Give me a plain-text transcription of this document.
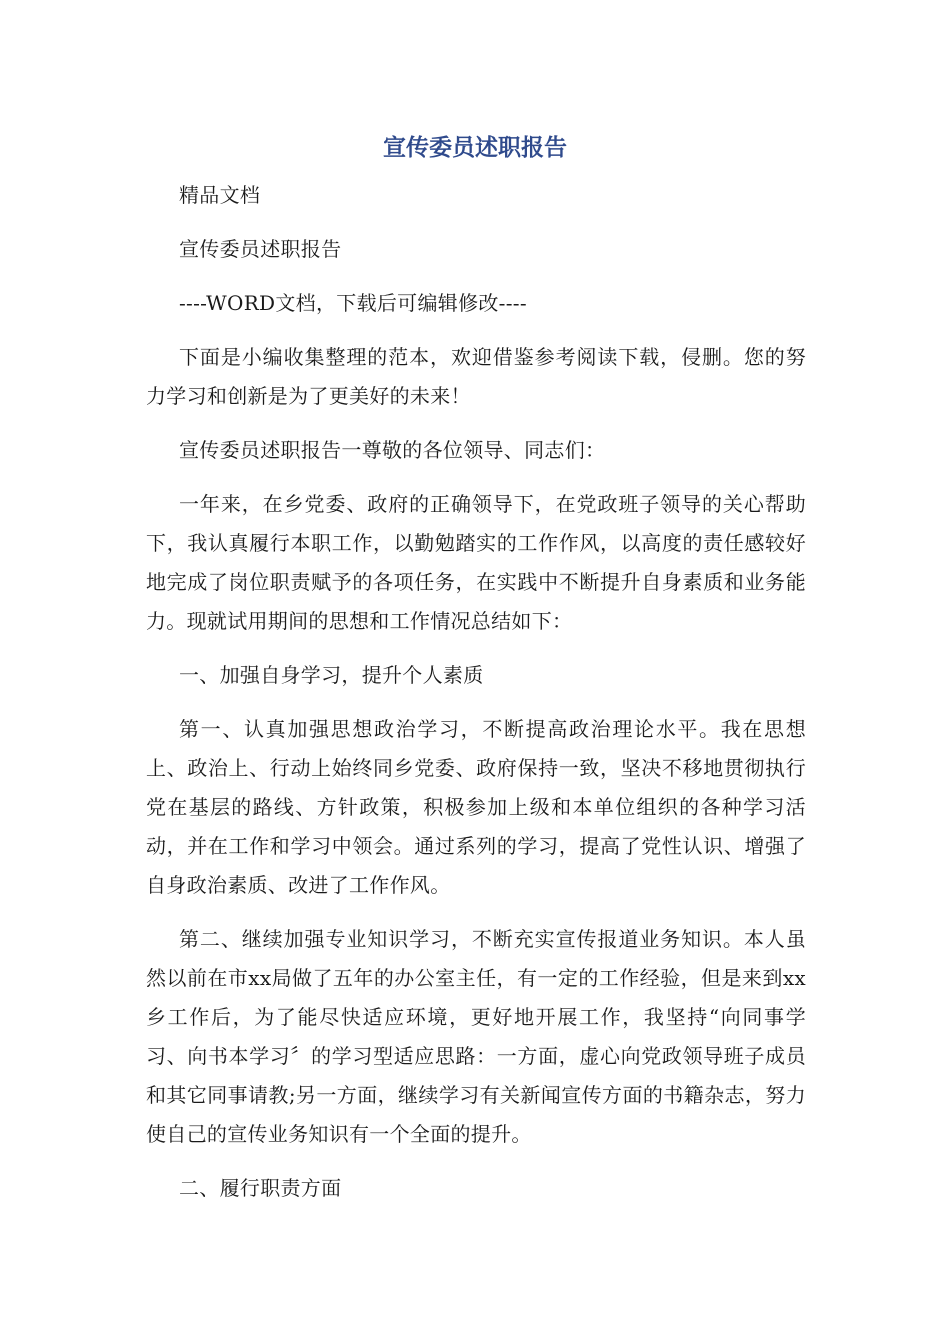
宣传委员述职报告

精品文档

宣传委员述职报告

----WORD文档，下载后可编辑修改----

下面是小编收集整理的范本，欢迎借鉴参考阅读下载，侵删。您的努力学习和创新是为了更美好的未来！

宣传委员述职报告一尊敬的各位领导、同志们：

一年来，在乡党委、政府的正确领导下，在党政班子领导的关心帮助下，我认真履行本职工作，以勤勉踏实的工作作风，以高度的责任感较好地完成了岗位职责赋予的各项任务，在实践中不断提升自身素质和业务能力。现就试用期间的思想和工作情况总结如下：

一、加强自身学习，提升个人素质

第一、认真加强思想政治学习，不断提高政治理论水平。我在思想上、政治上、行动上始终同乡党委、政府保持一致，坚决不移地贯彻执行党在基层的路线、方针政策，积极参加上级和本单位组织的各种学习活动，并在工作和学习中领会。通过系列的学习，提高了党性认识、增强了自身政治素质、改进了工作作风。

第二、继续加强专业知识学习，不断充实宣传报道业务知识。本人虽然以前在市xx局做了五年的办公室主任，有一定的工作经验，但是来到xx乡工作后，为了能尽快适应环境，更好地开展工作，我坚持“向同事学习、向书本学习〞的学习型适应思路：一方面，虚心向党政领导班子成员和其它同事请教;另一方面，继续学习有关新闻宣传方面的书籍杂志，努力使自己的宣传业务知识有一个全面的提升。

二、履行职责方面
